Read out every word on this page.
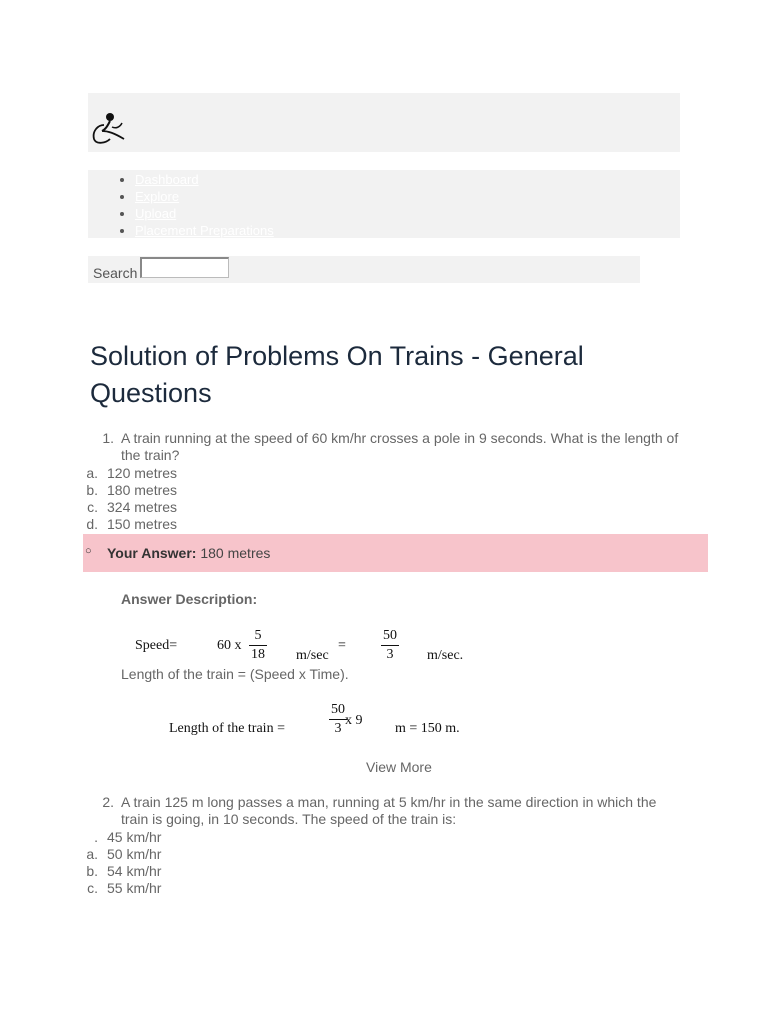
• Dashboard
• Explore
• Upload
• Placement Preparations
Search
Solution of Problems On Trains - General Questions
1. A train running at the speed of 60 km/hr crosses a pole in 9 seconds. What is the length of the train?
a. 120 metres
b. 180 metres
c. 324 metres
d. 150 metres
○ Your Answer: 180 metres
Answer Description:
Speed=	60 x
5
18 m/sec
=
50
3	m/sec.
Length of the train = (Speed x Time).
Length of the train =
50
3
x 9
m = 150 m.
View More
2. A train 125 m long passes a man, running at 5 km/hr in the same direction in which the train is going, in 10 seconds. The speed of the train is:
. 45 km/hr
a. 50 km/hr
b. 54 km/hr
c. 55 km/hr
